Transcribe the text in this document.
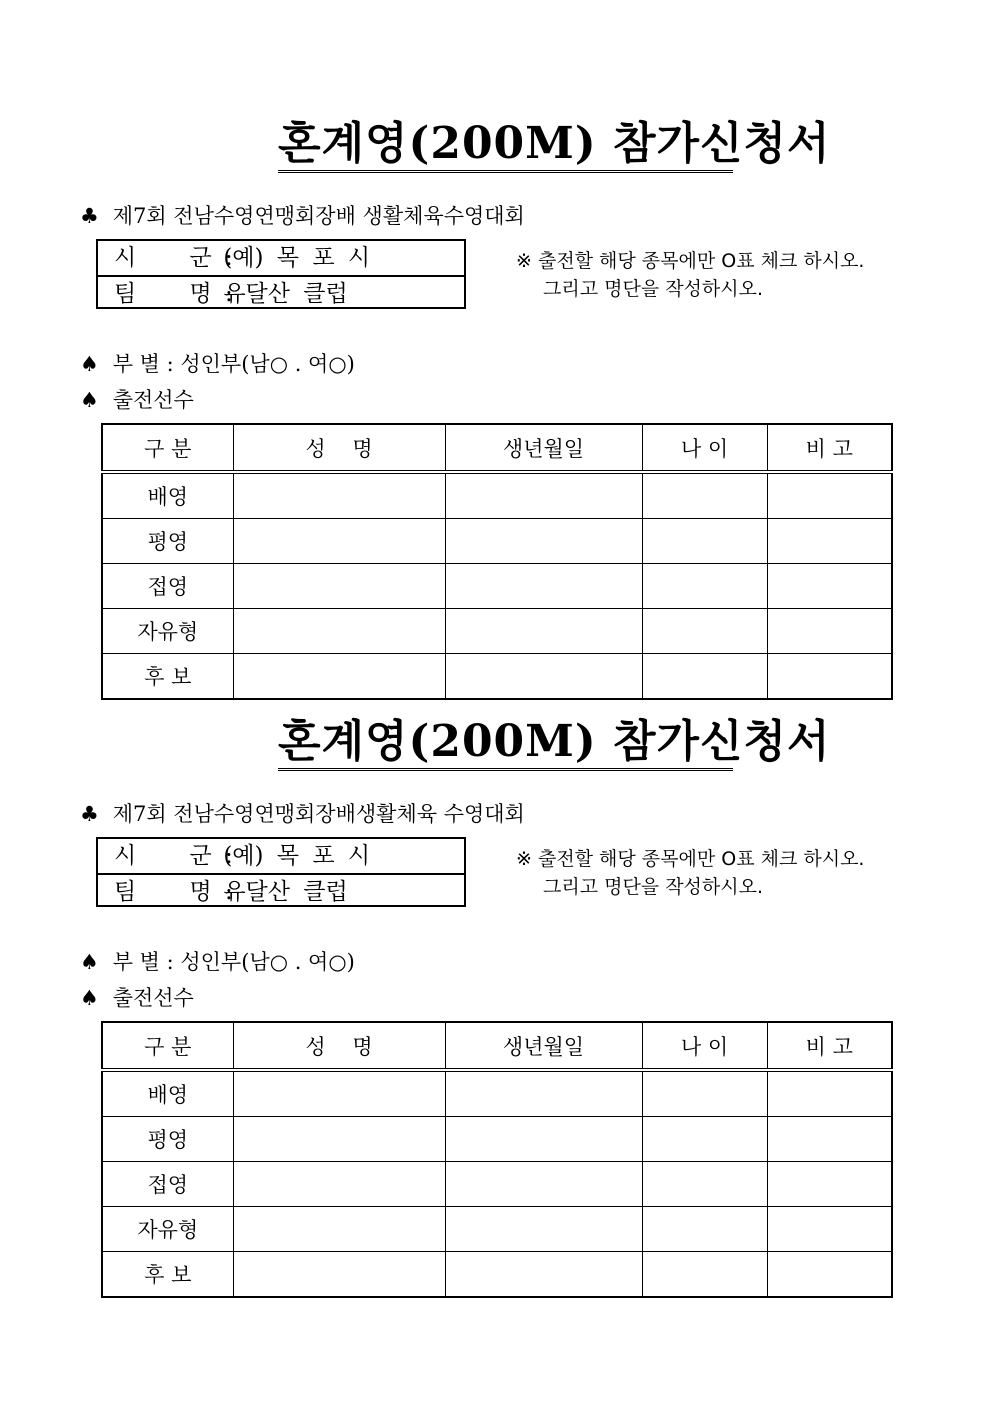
혼계영(200M) 참가신청서
♣ 제7회 전남수영연맹회장배 생활체육수영대회
시    군 : (예) 목 포 시
팀    명 : 유달산 클럽
※ 출전할 해당 종목에만 O표 체크 하시오.
그리고 명단을 작성하시오.
♠ 부 별 : 성인부(남○ . 여○)
♠ 출전선수
구 분	성    명	생년월일	나 이	비 고
배영				
평영				
접영				
자유형				
후 보				
혼계영(200M) 참가신청서
♣ 제7회 전남수영연맹회장배생활체육 수영대회
시    군 : (예) 목 포 시
팀    명 : 유달산 클럽
※ 출전할 해당 종목에만 O표 체크 하시오.
그리고 명단을 작성하시오.
♠ 부 별 : 성인부(남○ . 여○)
♠ 출전선수
구 분	성    명	생년월일	나 이	비 고
배영				
평영				
접영				
자유형				
후 보				
